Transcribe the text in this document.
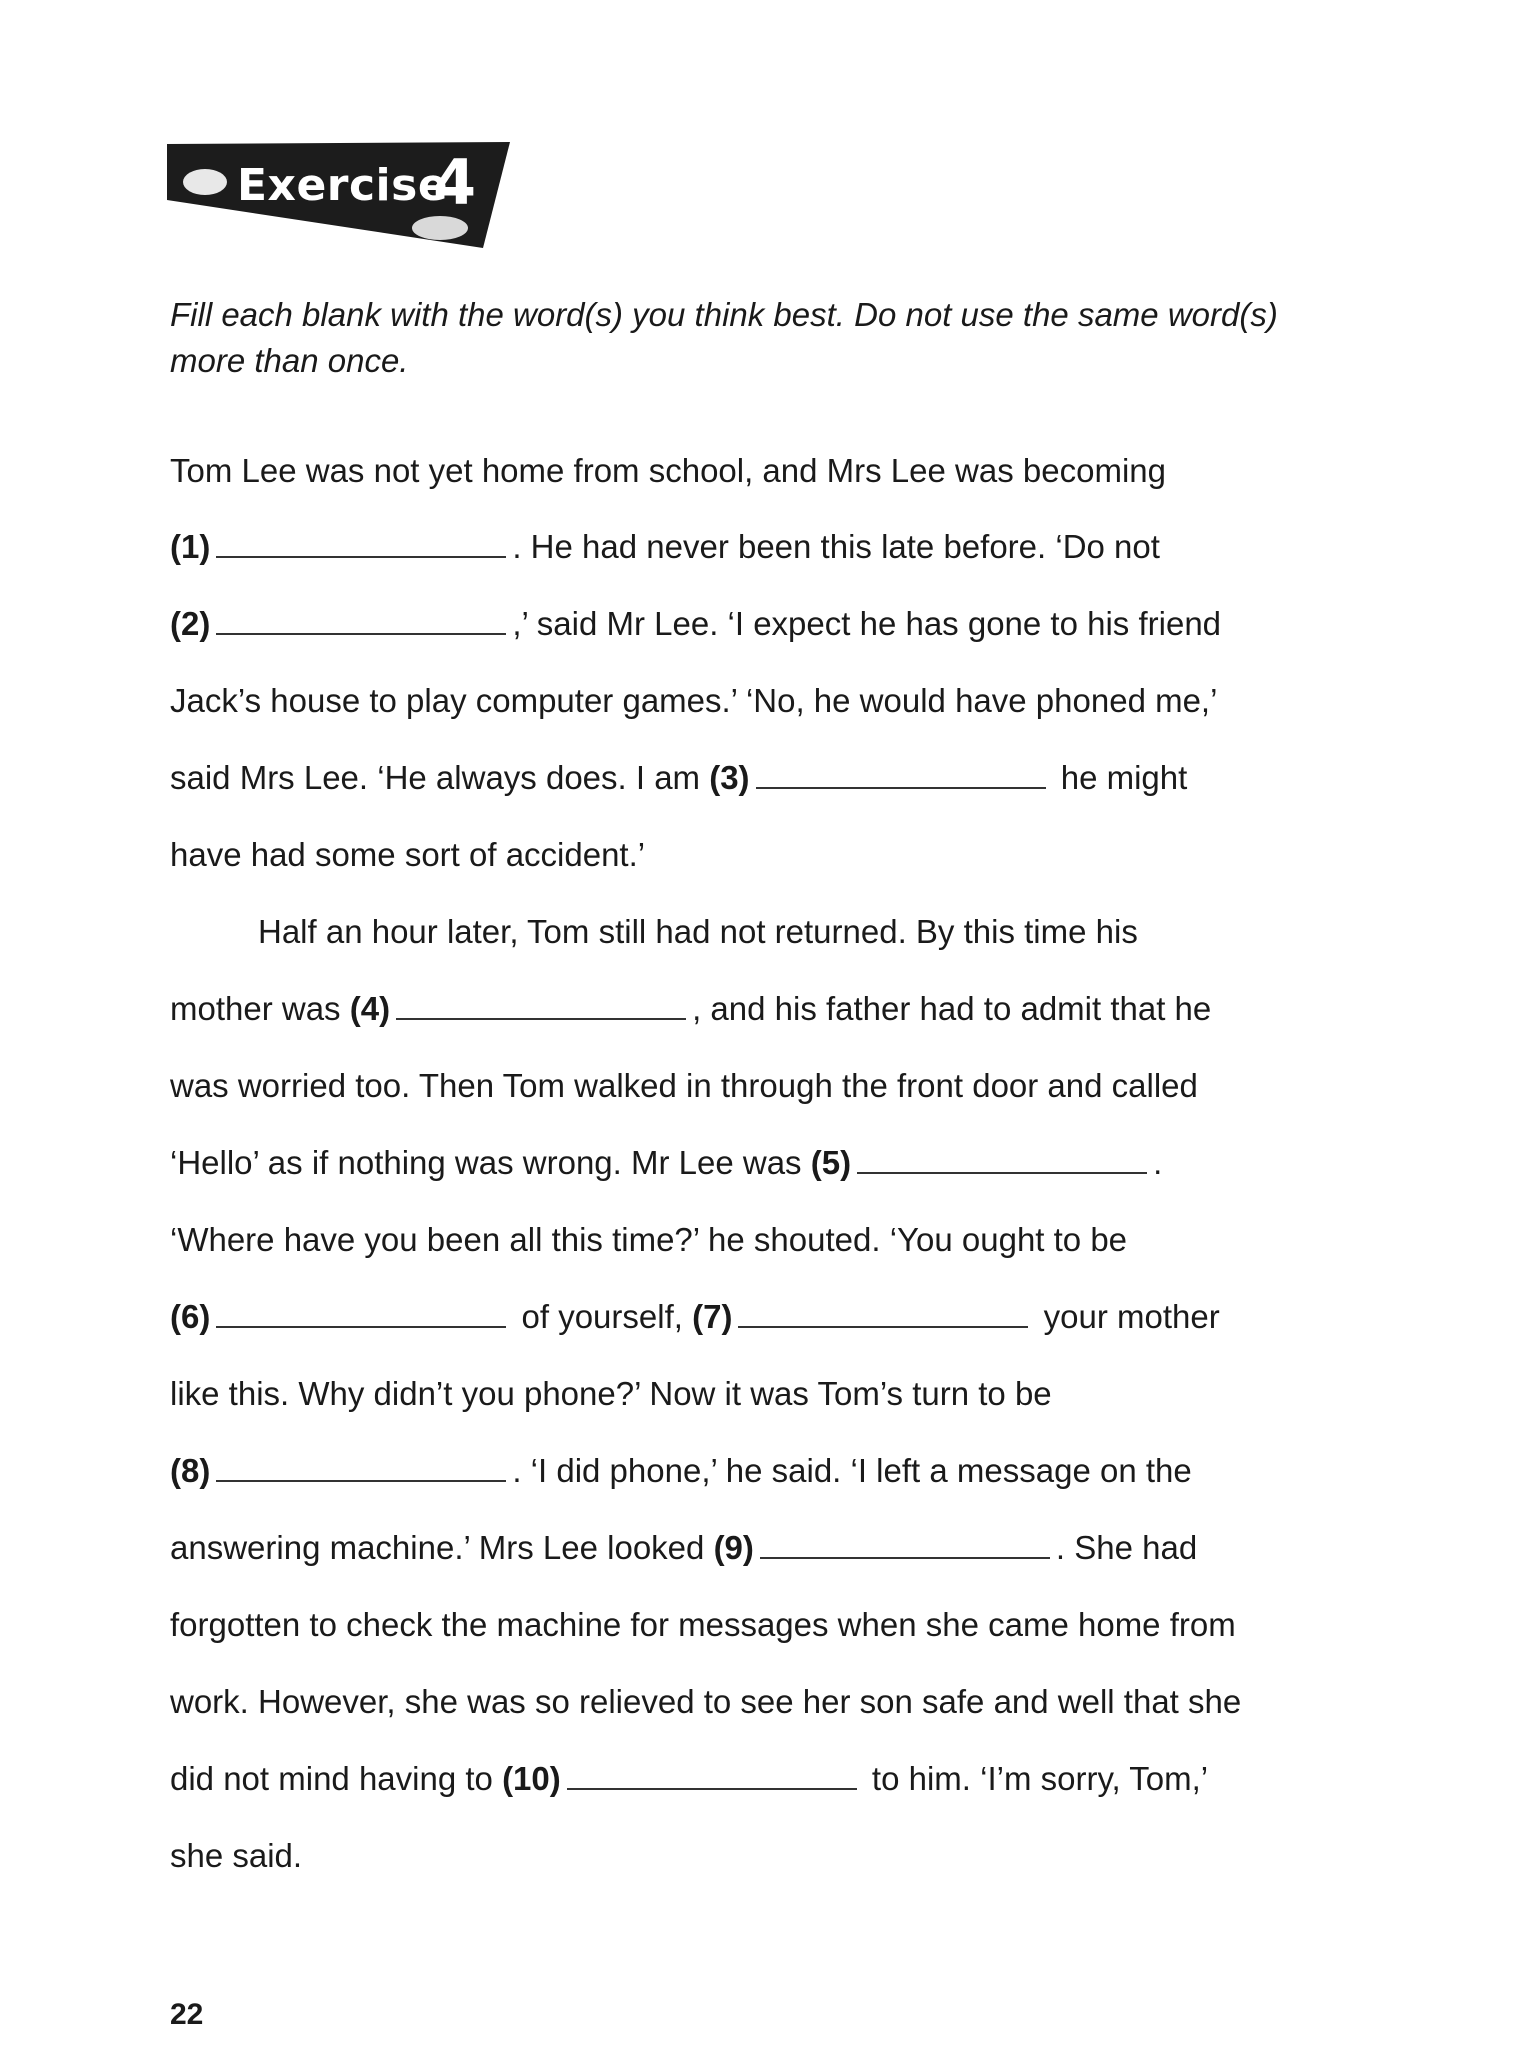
Exercise
4
Fill each blank with the word(s) you think best. Do not use the same word(s) more than once.
Tom Lee was not yet home from school, and Mrs Lee was becoming
(1)	. He had never been this late before. ‘Do not
(2)	,’ said Mr Lee. ‘I expect he has gone to his friend
Jack’s house to play computer games.’ ‘No, he would have phoned me,’
said Mrs Lee. ‘He always does. I am (3)	he might
have had some sort of accident.’
Half an hour later, Tom still had not returned. By this time his
mother was (4)	, and his father had to admit that he
was worried too. Then Tom walked in through the front door and called
‘Hello’ as if nothing was wrong. Mr Lee was (5)	.
‘Where have you been all this time?’ he shouted. ‘You ought to be
(6)	of yourself, (7)	your mother
like this. Why didn’t you phone?’ Now it was Tom’s turn to be
(8)	. ‘I did phone,’ he said. ‘I left a message on the
answering machine.’ Mrs Lee looked (9)	. She had
forgotten to check the machine for messages when she came home from
work. However, she was so relieved to see her son safe and well that she
did not mind having to (10)	to him. ‘I’m sorry, Tom,’
she said.
22
